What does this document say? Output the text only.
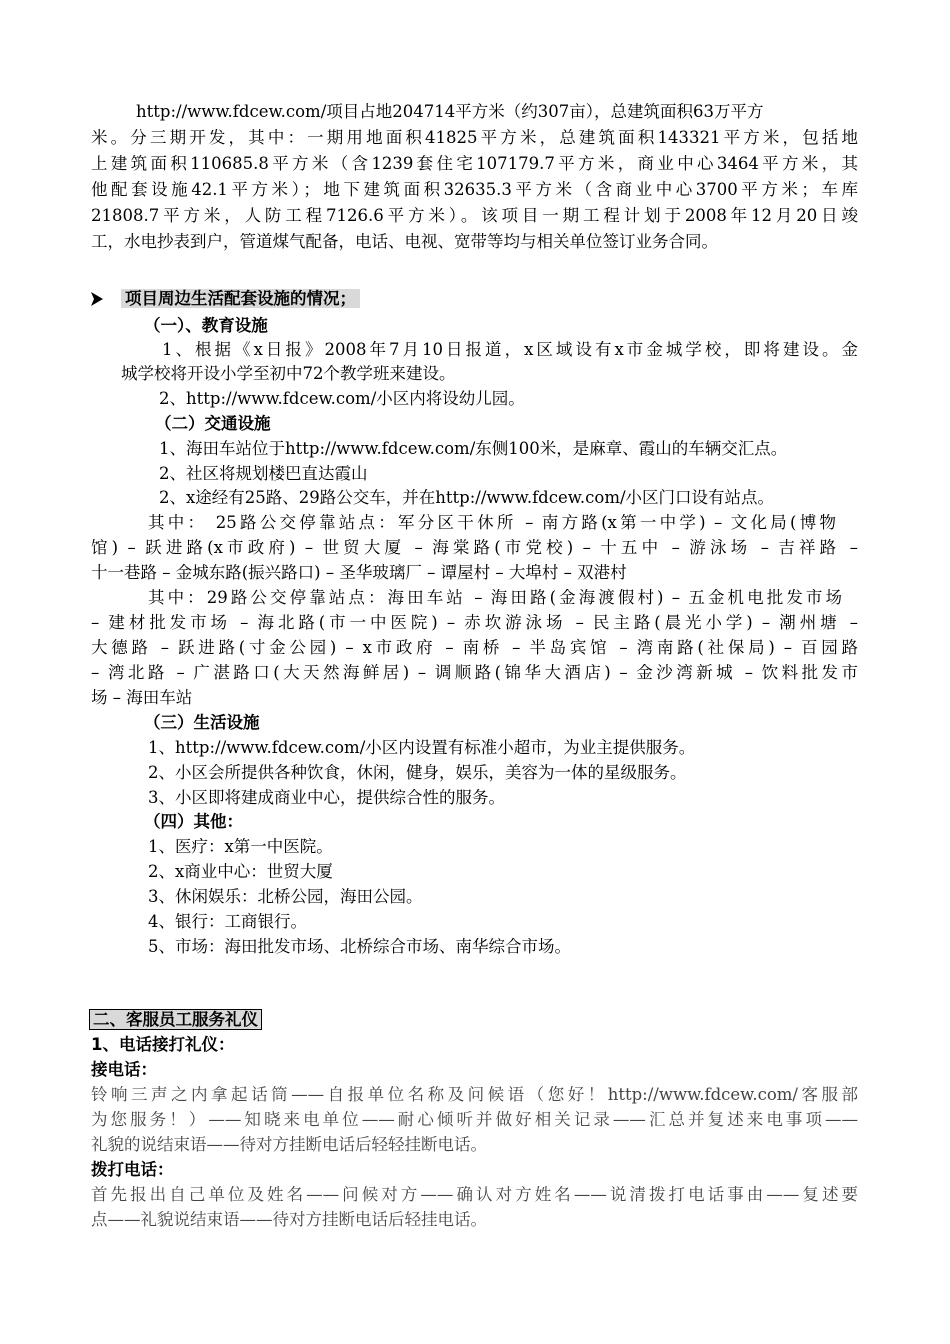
http://www.fdcew.com/项目占地204714平方米（约307亩），总建筑面积63万平方

米。分三期开发，其中：一期用地面积41825平方米，总建筑面积143321平方米，包括地

上建筑面积110685.8平方米（含1239套住宅107179.7平方米，商业中心3464平方米，其

他配套设施42.1平方米）；地下建筑面积32635.3平方米（含商业中心3700平方米；车库

21808.7平方米，人防工程7126.6平方米）。该项目一期工程计划于2008年12月20日竣

工，水电抄表到户，管道煤气配备，电话、电视、宽带等均与相关单位签订业务合同。

项目周边生活配套设施的情况；

（一）、教育设施

1、根据《x日报》2008年7月10日报道，x区域设有x市金城学校，即将建设。金

城学校将开设小学至初中72个教学班来建设。

2、http://www.fdcew.com/小区内将设幼儿园。

（二）交通设施

1、海田车站位于http://www.fdcew.com/东侧100米，是麻章、霞山的车辆交汇点。

2、社区将规划楼巴直达霞山

2、x途经有25路、29路公交车，并在http://www.fdcew.com/小区门口设有站点。

其中： 25路公交停靠站点：军分区干休所 – 南方路(x第一中学) – 文化局(博物

馆) – 跃进路(x市政府) – 世贸大厦 – 海棠路(市党校) – 十五中 – 游泳场 – 吉祥路 –

十一巷路 – 金城东路(振兴路口) – 圣华玻璃厂 – 谭屋村 – 大埠村 – 双港村

其中：29路公交停靠站点：海田车站 – 海田路(金海渡假村) – 五金机电批发市场

– 建材批发市场 – 海北路(市一中医院) – 赤坎游泳场 – 民主路(晨光小学) – 潮州塘 –

大德路 – 跃进路(寸金公园) – x市政府 – 南桥 – 半岛宾馆 – 湾南路(社保局) – 百园路

– 湾北路 – 广湛路口(大天然海鲜居) – 调顺路(锦华大酒店) – 金沙湾新城 – 饮料批发市

场 – 海田车站

（三）生活设施

1、http://www.fdcew.com/小区内设置有标准小超市，为业主提供服务。

2、小区会所提供各种饮食，休闲，健身，娱乐，美容为一体的星级服务。

3、小区即将建成商业中心，提供综合性的服务。

（四）其他：

1、医疗：x第一中医院。

2、x商业中心：世贸大厦

3、休闲娱乐：北桥公园，海田公园。

4、银行：工商银行。

5、市场：海田批发市场、北桥综合市场、南华综合市场。

二、客服员工服务礼仪

1、电话接打礼仪：

接电话：

铃响三声之内拿起话筒——自报单位名称及问候语（您好！http://www.fdcew.com/客服部

为您服务！）——知晓来电单位——耐心倾听并做好相关记录——汇总并复述来电事项——

礼貌的说结束语——待对方挂断电话后轻轻挂断电话。

拨打电话：

首先报出自己单位及姓名——问候对方——确认对方姓名——说清拨打电话事由——复述要

点——礼貌说结束语——待对方挂断电话后轻挂电话。
